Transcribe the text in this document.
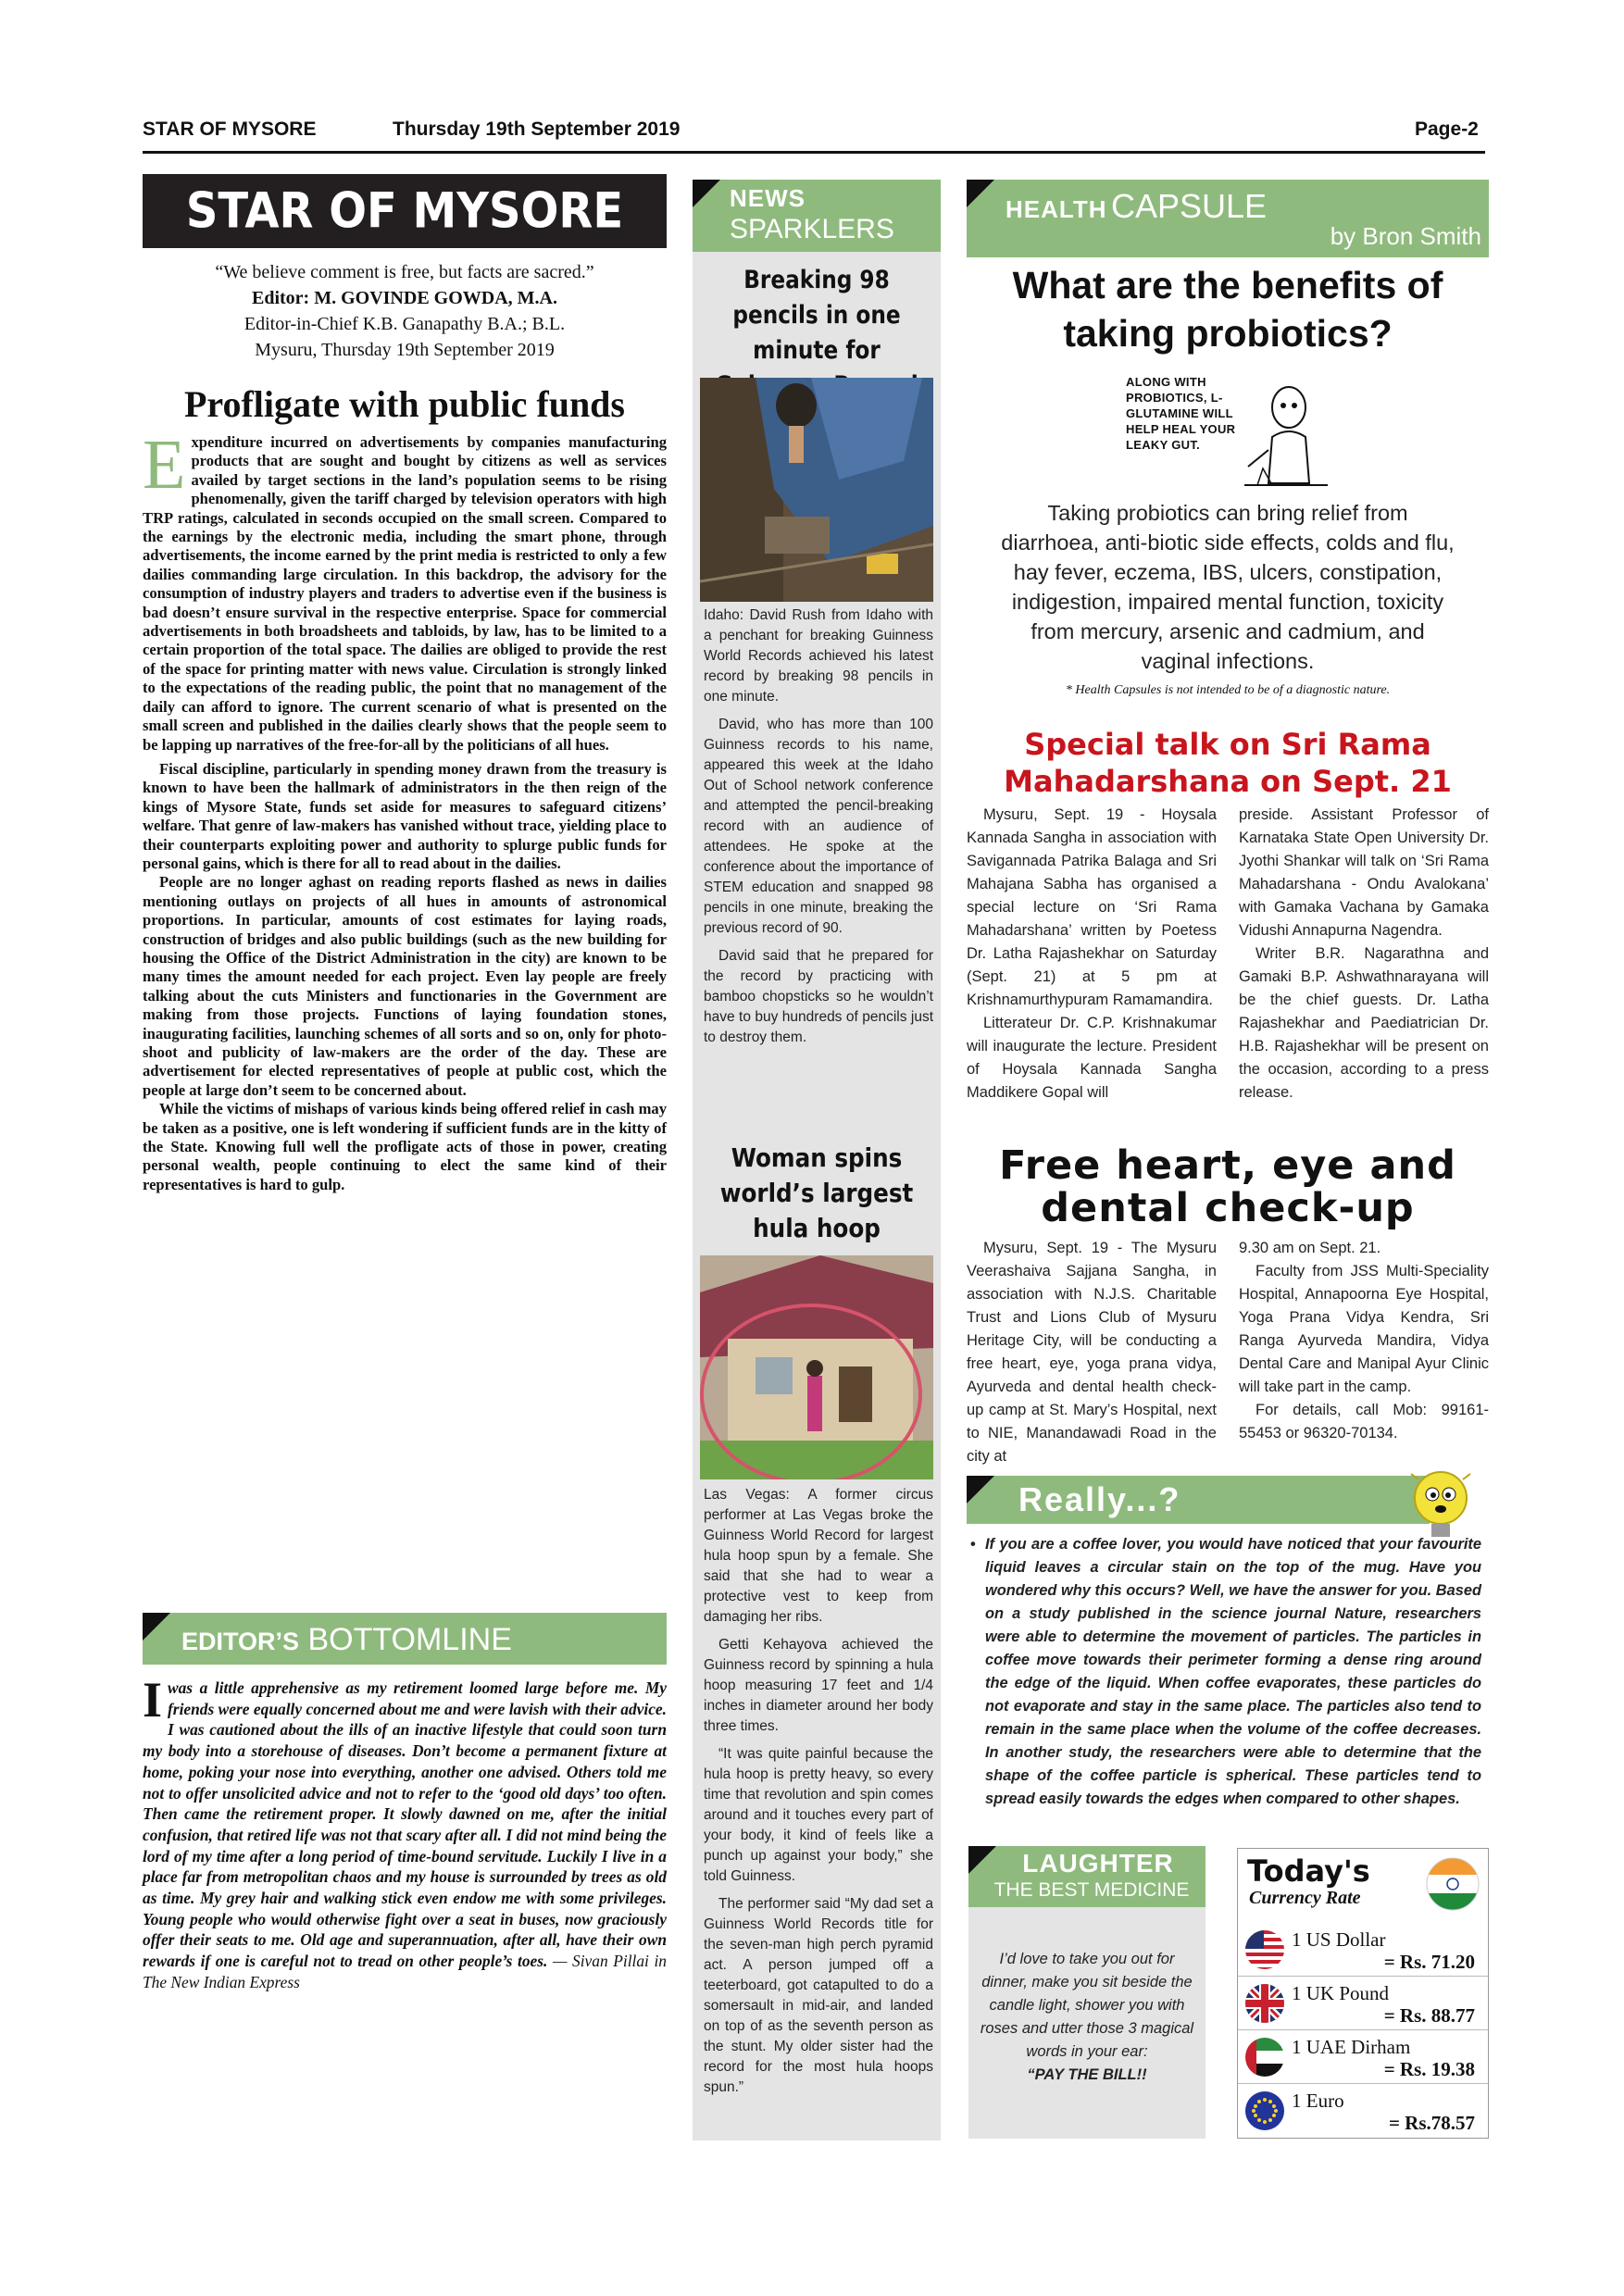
STAR OF MYSORE	Thursday 19th September 2019	Page-2
STAR OF MYSORE
“We believe comment is free, but facts are sacred.”
Editor: M. GOVINDE GOWDA, M.A.
Editor-in-Chief K.B. Ganapathy B.A.; B.L.
Mysuru, Thursday 19th September 2019
Profligate with public funds
E xpenditure incurred on advertisements by companies manufacturing products that are sought and bought by citizens as well as services availed by target sections in the land’s population seems to be rising phenomenally, given the tariff charged by television operators with high TRP ratings, calculated in seconds occupied on the small screen. Compared to the earnings by the electronic media, including the smart phone, through advertisements, the income earned by the print media is restricted to only a few dailies commanding large circulation. In this backdrop, the advisory for the consumption of industry players and traders to advertise even if the business is bad doesn’t ensure survival in the respective enterprise. Space for commercial advertisements in both broadsheets and tabloids, by law, has to be limited to a certain proportion of the total space. The dailies are obliged to provide the rest of the space for printing matter with news value. Circulation is strongly linked to the expectations of the reading public, the point that no management of the daily can afford to ignore. The current scenario of what is presented on the small screen and published in the dailies clearly shows that the people seem to be lapping up narratives of the free-for-all by the politicians of all hues.
Fiscal discipline, particularly in spending money drawn from the treasury is known to have been the hallmark of administrators in the then reign of the kings of Mysore State, funds set aside for measures to safeguard citizens’ welfare. That genre of law-makers has vanished without trace, yielding place to their counterparts exploiting power and authority to splurge public funds for personal gains, which is there for all to read about in the dailies.
People are no longer aghast on reading reports flashed as news in dailies mentioning outlays on projects of all hues in amounts of astronomical proportions. In particular, amounts of cost estimates for laying roads, construction of bridges and also public buildings (such as the new building for housing the Office of the District Administration in the city) are known to be many times the amount needed for each project. Even lay people are freely talking about the cuts Ministers and functionaries in the Government are making from those projects. Functions of laying foundation stones, inaugurating facilities, launching schemes of all sorts and so on, only for photo-shoot and publicity of law-makers are the order of the day. These are advertisement for elected representatives of people at public cost, which the people at large don’t seem to be concerned about.
While the victims of mishaps of various kinds being offered relief in cash may be taken as a positive, one is left wondering if sufficient funds are in the kitty of the State. Knowing full well the profligate acts of those in power, creating personal wealth, people continuing to elect the same kind of their representatives is hard to gulp.
EDITOR’S BOTTOMLINE
I was a little apprehensive as my retirement loomed large before me. My friends were equally concerned about me and were lavish with their advice. I was cautioned about the ills of an inactive lifestyle that could soon turn my body into a storehouse of diseases. Don’t become a permanent fixture at home, poking your nose into everything, another one advised. Others told me not to offer unsolicited advice and not to refer to the ‘good old days’ too often. Then came the retirement proper. It slowly dawned on me, after the initial confusion, that retired life was not that scary after all. I did not mind being the lord of my time after a long period of time-bound servitude. Luckily I live in a place far from metropolitan chaos and my house is surrounded by trees as old as time. My grey hair and walking stick even endow me with some privileges. Young people who would otherwise fight over a seat in buses, now graciously offer their seats to me. Old age and superannuation, after all, have their own rewards if one is careful not to tread on other people’s toes. — Sivan Pillai in The New Indian Express
NEWS
SPARKLERS
Breaking 98 pencils in one minute for
Idaho: David Rush from Idaho with a penchant for breaking Guinness World Records achieved his latest record by breaking 98 pencils in one minute.
David, who has more than 100 Guinness records to his name, appeared this week at the Idaho Out of School network conference and attempted the pencil-breaking record with an audience of attendees. He spoke at the conference about the importance of STEM education and snapped 98 pencils in one minute, breaking the previous record of 90.
David said that he prepared for the record by practicing with bamboo chopsticks so he wouldn’t have to buy hundreds of pencils just to destroy them.
Woman spins world’s largest hula hoop
Las Vegas: A former circus performer at Las Vegas broke the Guinness World Record for largest hula hoop spun by a female. She said that she had to wear a protective vest to keep from damaging her ribs.
Getti Kehayova achieved the Guinness record by spinning a hula hoop measuring 17 feet and 1/4 inches in diameter around her body three times.
“It was quite painful because the hula hoop is pretty heavy, so every time that revolution and spin comes around and it touches every part of your body, it kind of feels like a punch up against your body,” she told Guinness.
The performer said “My dad set a Guinness World Records title for the seven-man high perch pyramid act. A person jumped off a teeterboard, got catapulted to do a somersault in mid-air, and landed on top of as the seventh person as the stunt. My older sister had the record for the most hula hoops spun.”
HEALTH CAPSULE
by Bron Smith
What are the benefits of taking probiotics?
ALONG WITH PROBIOTICS, L-GLUTAMINE WILL HELP HEAL YOUR LEAKY GUT.
Taking probiotics can bring relief from diarrhoea, anti-biotic side effects, colds and flu, hay fever, eczema, IBS, ulcers, constipation, indigestion, impaired mental function, toxicity from mercury, arsenic and cadmium, and vaginal infections.
* Health Capsules is not intended to be of a diagnostic nature.
Special talk on Sri Rama Mahadarshana on Sept. 21
Mysuru, Sept. 19 - Hoysala Kannada Sangha in association with Savigannada Patrika Balaga and Sri Mahajana Sabha has organised a special lecture on ‘Sri Rama Mahadarshana’ written by Poetess Dr. Latha Rajashekhar on Saturday (Sept. 21) at 5 pm at Krishnamurthypuram Ramamandira.
Litterateur Dr. C.P. Krishnakumar will inaugurate the lecture. President of Hoysala Kannada Sangha Maddikere Gopal will
preside. Assistant Professor of Karnataka State Open University Dr. Jyothi Shankar will talk on ‘Sri Rama Mahadarshana - Ondu Avalokana’ with Gamaka Vachana by Gamaka Vidushi Annapurna Nagendra.
Writer B.R. Nagarathna and Gamaki B.P. Ashwathnarayana will be the chief guests. Dr. Latha Rajashekhar and Paediatrician Dr. H.B. Rajashekhar will be present on the occasion, according to a press release.
Free heart, eye and dental check-up
Mysuru, Sept. 19 - The Mysuru Veerashaiva Sajjana Sangha, in association with N.J.S. Charitable Trust and Lions Club of Mysuru Heritage City, will be conducting a free heart, eye, yoga prana vidya, Ayurveda and dental health check-up camp at St. Mary’s Hospital, next to NIE, Manandawadi Road in the city at
9.30 am on Sept. 21.
Faculty from JSS Multi-Speciality Hospital, Annapoorna Eye Hospital, Yoga Prana Vidya Kendra, Sri Ranga Ayurveda Mandira, Vidya Dental Care and Manipal Ayur Clinic will take part in the camp.
For details, call Mob: 99161-55453 or 96320-70134.
Really...?
• If you are a coffee lover, you would have noticed that your favourite liquid leaves a circular stain on the top of the mug. Have you wondered why this occurs? Well, we have the answer for you. Based on a study published in the science journal Nature, researchers were able to determine the movement of particles. The particles in coffee move towards their perimeter forming a dense ring around the edge of the liquid. When coffee evaporates, these particles do not evaporate and stay in the same place. The particles also tend to remain in the same place when the volume of the coffee decreases. In another study, the researchers were able to determine that the shape of the coffee particle is spherical. These particles tend to spread easily towards the edges when compared to other shapes.
LAUGHTER
THE BEST MEDICINE
I’d love to take you out for dinner, make you sit beside the candle light, shower you with roses and utter those 3 magical words in your ear:
“PAY THE BILL!!
Today's
Currency Rate
1 US Dollar
= Rs. 71.20
1 UK Pound
= Rs. 88.77
1 UAE Dirham
= Rs. 19.38
1 Euro
= Rs.78.57
